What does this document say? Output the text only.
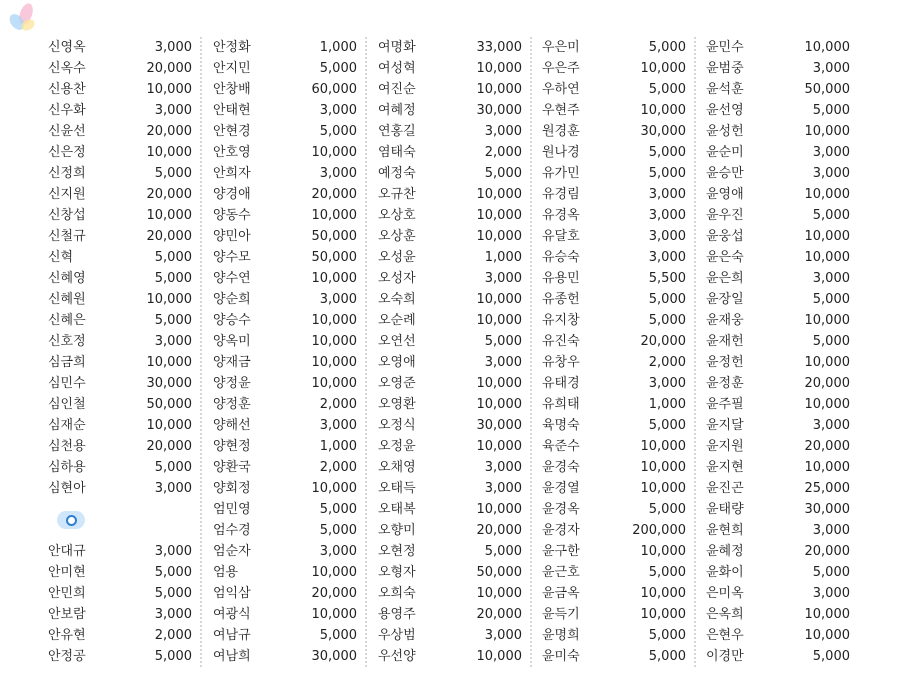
신영옥	3,000
신옥수	20,000
신용찬	10,000
신우화	3,000
신윤선	20,000
신은정	10,000
신정희	5,000
신지원	20,000
신창섭	10,000
신철규	20,000
신혁	5,000
신혜영	5,000
신혜원	10,000
신혜은	5,000
신호정	3,000
심금희	10,000
심민수	30,000
심인철	50,000
심재순	10,000
심천용	20,000
심하용	5,000
심현아	3,000
안대규	3,000
안미현	5,000
안민희	5,000
안보람	3,000
안유현	2,000
안정공	5,000
안정화	1,000
안지민	5,000
안창배	60,000
안태현	3,000
안현경	5,000
안호영	10,000
안희자	3,000
양경애	20,000
양동수	10,000
양민아	50,000
양수모	50,000
양수연	10,000
양순희	3,000
양승수	10,000
양옥미	10,000
양재금	10,000
양정윤	10,000
양정훈	2,000
양해선	3,000
양현정	1,000
양환국	2,000
양회정	10,000
엄민영	5,000
엄수경	5,000
엄순자	3,000
엄용	10,000
엄익삼	20,000
여광식	10,000
여남규	5,000
여남희	30,000
여명화	33,000
여성혁	10,000
여진순	10,000
여혜정	30,000
연홍길	3,000
염태숙	2,000
예정숙	5,000
오규찬	10,000
오상호	10,000
오상훈	10,000
오성윤	1,000
오성자	3,000
오숙희	10,000
오순례	10,000
오연선	5,000
오영애	3,000
오영준	10,000
오영환	10,000
오정식	30,000
오정윤	10,000
오채영	3,000
오태득	3,000
오태복	10,000
오향미	20,000
오현정	5,000
오형자	50,000
오희숙	10,000
용영주	20,000
우상범	3,000
우선양	10,000
우은미	5,000
우은주	10,000
우하연	5,000
우현주	10,000
원경훈	30,000
원나경	5,000
유가민	5,000
유경림	3,000
유경옥	3,000
유달호	3,000
유승숙	3,000
유용민	5,500
유종헌	5,000
유지창	5,000
유진숙	20,000
유창우	2,000
유태경	3,000
유희태	1,000
육명숙	5,000
육준수	10,000
윤경숙	10,000
윤경열	10,000
윤경옥	5,000
윤경자	200,000
윤구한	10,000
윤근호	5,000
윤금옥	10,000
윤득기	10,000
윤명희	5,000
윤미숙	5,000
윤민수	10,000
윤범중	3,000
윤석훈	50,000
윤선영	5,000
윤성헌	10,000
윤순미	3,000
윤승만	3,000
윤영애	10,000
윤우진	5,000
윤웅섭	10,000
윤은숙	10,000
윤은희	3,000
윤장일	5,000
윤재웅	10,000
윤재헌	5,000
윤정헌	10,000
윤정훈	20,000
윤주필	10,000
윤지달	3,000
윤지원	20,000
윤지현	10,000
윤진곤	25,000
윤태량	30,000
윤현희	3,000
윤혜정	20,000
윤화이	5,000
은미옥	3,000
은옥희	10,000
은현우	10,000
이경만	5,000
